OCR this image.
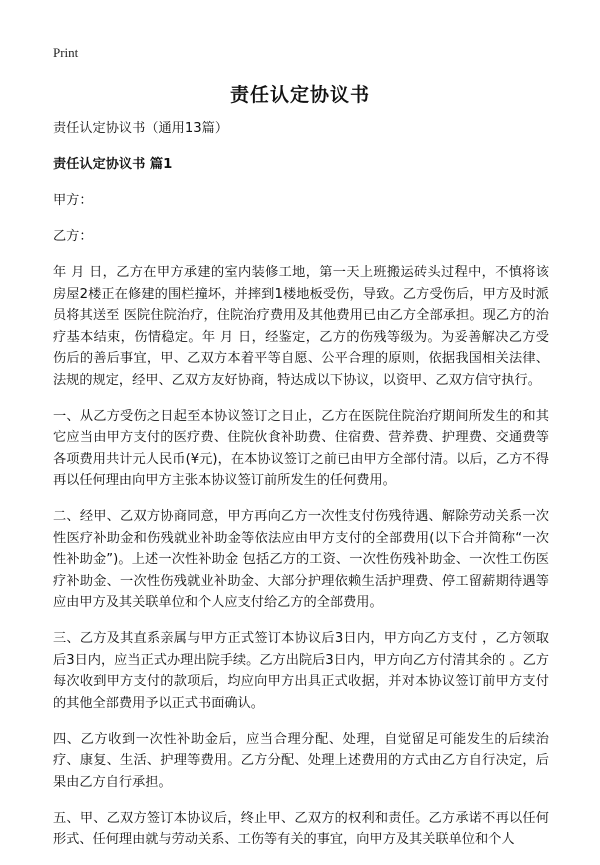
Print
责任认定协议书

责任认定协议书（通用13篇）

责任认定协议书 篇1

甲方：

乙方：

年 月 日，乙方在甲方承建的室内装修工地，第一天上班搬运砖头过程中，不慎将该房屋2楼正在修建的围栏撞坏，并摔到1楼地板受伤，导致。乙方受伤后，甲方及时派员将其送至 医院住院治疗，住院治疗费用及其他费用已由乙方全部承担。现乙方的治疗基本结束，伤情稳定。年 月 日，经鉴定，乙方的伤残等级为。为妥善解决乙方受伤后的善后事宜，甲、乙双方本着平等自愿、公平合理的原则，依据我国相关法律、法规的规定，经甲、乙双方友好协商，特达成以下协议，以资甲、乙双方信守执行。

一、从乙方受伤之日起至本协议签订之日止，乙方在医院住院治疗期间所发生的和其它应当由甲方支付的医疗费、住院伙食补助费、住宿费、营养费、护理费、交通费等各项费用共计元人民币(¥元)，在本协议签订之前已由甲方全部付清。以后，乙方不得再以任何理由向甲方主张本协议签订前所发生的任何费用。

二、经甲、乙双方协商同意，甲方再向乙方一次性支付伤残待遇、解除劳动关系一次性医疗补助金和伤残就业补助金等依法应由甲方支付的全部费用(以下合并简称“一次性补助金”)。上述一次性补助金 包括乙方的工资、一次性伤残补助金、一次性工伤医疗补助金、一次性伤残就业补助金、大部分护理依赖生活护理费、停工留薪期待遇等应由甲方及其关联单位和个人应支付给乙方的全部费用。

三、乙方及其直系亲属与甲方正式签订本协议后3日内，甲方向乙方支付 ，乙方领取后3日内，应当正式办理出院手续。乙方出院后3日内，甲方向乙方付清其余的 。乙方每次收到甲方支付的款项后，均应向甲方出具正式收据，并对本协议签订前甲方支付的其他全部费用予以正式书面确认。

四、乙方收到一次性补助金后，应当合理分配、处理，自觉留足可能发生的后续治疗、康复、生活、护理等费用。乙方分配、处理上述费用的方式由乙方自行决定，后果由乙方自行承担。

五、甲、乙双方签订本协议后，终止甲、乙双方的权利和责任。乙方承诺不再以任何形式、任何理由就与劳动关系、工伤等有关的事宜，向甲方及其关联单位和个人
